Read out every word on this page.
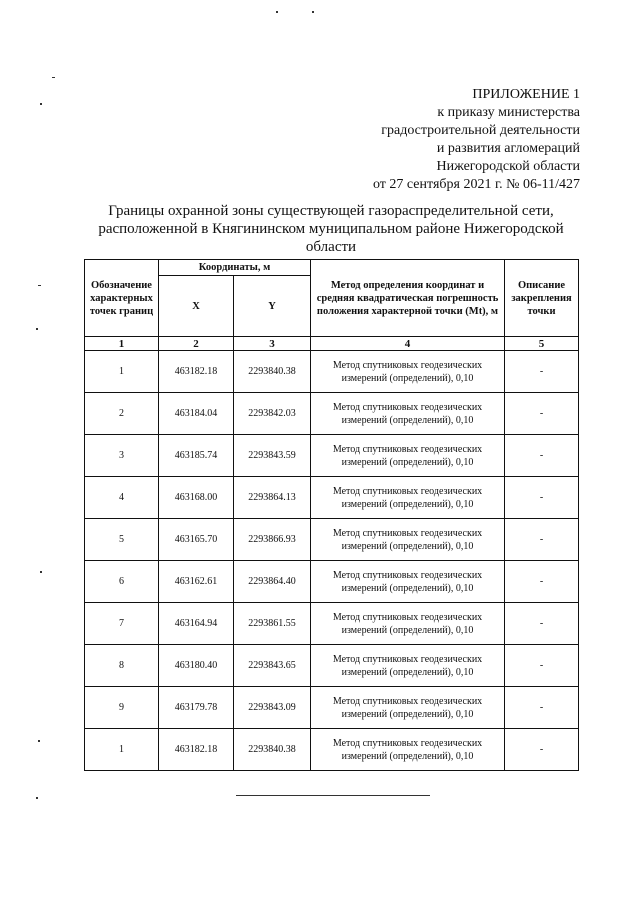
ПРИЛОЖЕНИЕ 1
к приказу министерства
градостроительной деятельности
и развития агломераций
Нижегородской области
от 27 сентября 2021 г. № 06-11/427
Границы охранной зоны существующей газораспределительной сети,
расположенной в Княгининском муниципальном районе Нижегородской
области
Обозначение характерных точек границ	Координаты, м		Метод определения координат и средняя квадратическая погрешность положения характерной точки (Mt), м	Описание закрепления точки
	X	Y		
1	2	3	4	5
1	463182.18	2293840.38	Метод спутниковых геодезических измерений (определений), 0,10	-
2	463184.04	2293842.03	Метод спутниковых геодезических измерений (определений), 0,10	-
3	463185.74	2293843.59	Метод спутниковых геодезических измерений (определений), 0,10	-
4	463168.00	2293864.13	Метод спутниковых геодезических измерений (определений), 0,10	-
5	463165.70	2293866.93	Метод спутниковых геодезических измерений (определений), 0,10	-
6	463162.61	2293864.40	Метод спутниковых геодезических измерений (определений), 0,10	-
7	463164.94	2293861.55	Метод спутниковых геодезических измерений (определений), 0,10	-
8	463180.40	2293843.65	Метод спутниковых геодезических измерений (определений), 0,10	-
9	463179.78	2293843.09	Метод спутниковых геодезических измерений (определений), 0,10	-
1	463182.18	2293840.38	Метод спутниковых геодезических измерений (определений), 0,10	-
